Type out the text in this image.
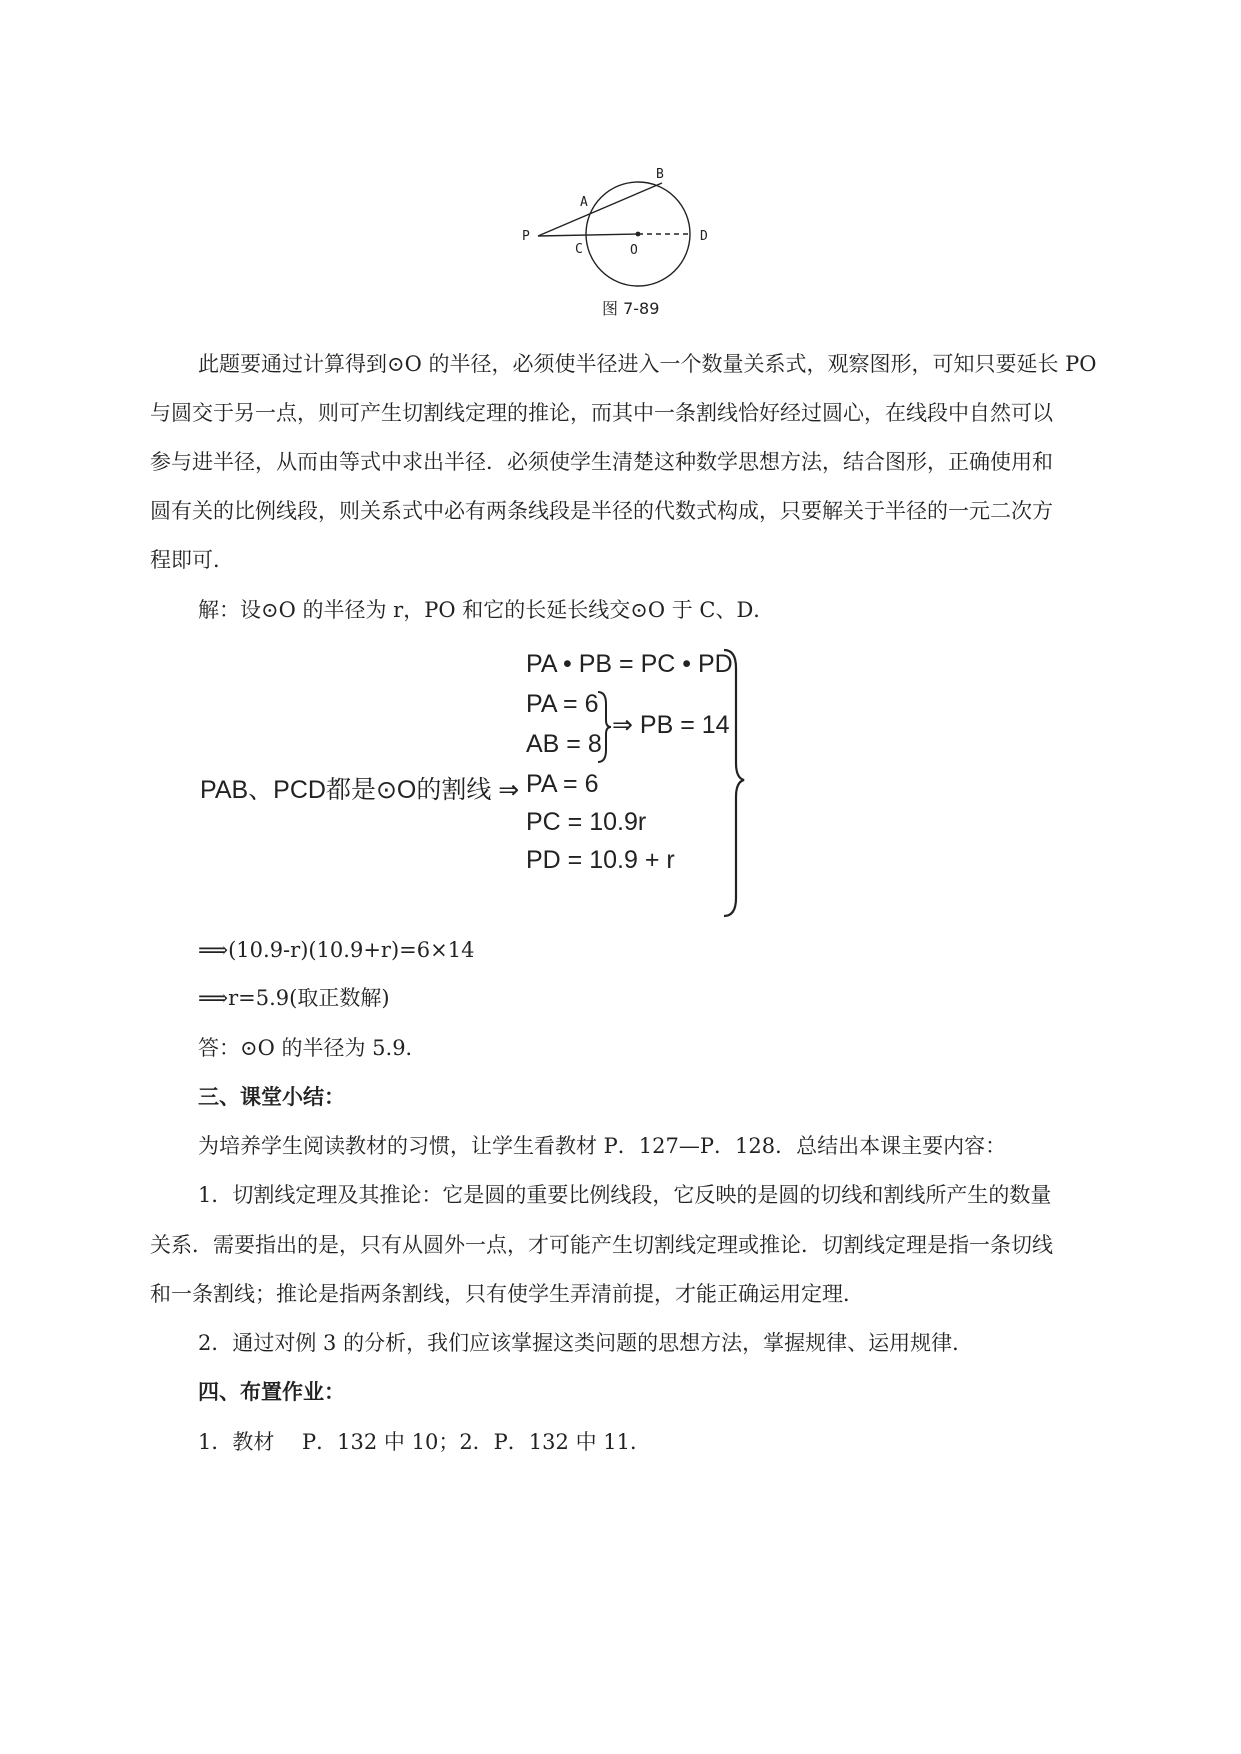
P
A
B
C	O
D
图 7-89
此题要通过计算得到⊙O 的半径，必须使半径进入一个数量关系式，观察图形，可知只要延长 PO
与圆交于另一点，则可产生切割线定理的推论，而其中一条割线恰好经过圆心，在线段中自然可以
参与进半径，从而由等式中求出半径．必须使学生清楚这种数学思想方法，结合图形，正确使用和
圆有关的比例线段，则关系式中必有两条线段是半径的代数式构成，只要解关于半径的一元二次方
程即可．
解：设⊙O 的半径为 r，PO 和它的长延长线交⊙O 于 C、D．
PAB、PCD都是⊙O的割线 ⇒
PA • PB = PC • PD
PA = 6
AB = 8
⇒ PB = 14
PA = 6
PC = 10.9r
PD = 10.9 + r
⟹(10.9-r)(10.9+r)=6×14
⟹r=5.9(取正数解)
答：⊙O 的半径为 5.9．
三、课堂小结：
为培养学生阅读教材的习惯，让学生看教材 P．127—P．128．总结出本课主要内容：
1．切割线定理及其推论：它是圆的重要比例线段，它反映的是圆的切线和割线所产生的数量
关系．需要指出的是，只有从圆外一点，才可能产生切割线定理或推论．切割线定理是指一条切线
和一条割线；推论是指两条割线，只有使学生弄清前提，才能正确运用定理．
2．通过对例 3 的分析，我们应该掌握这类问题的思想方法，掌握规律、运用规律．
四、布置作业：
1．教材　 P．132 中 10；2．P．132 中 11．
